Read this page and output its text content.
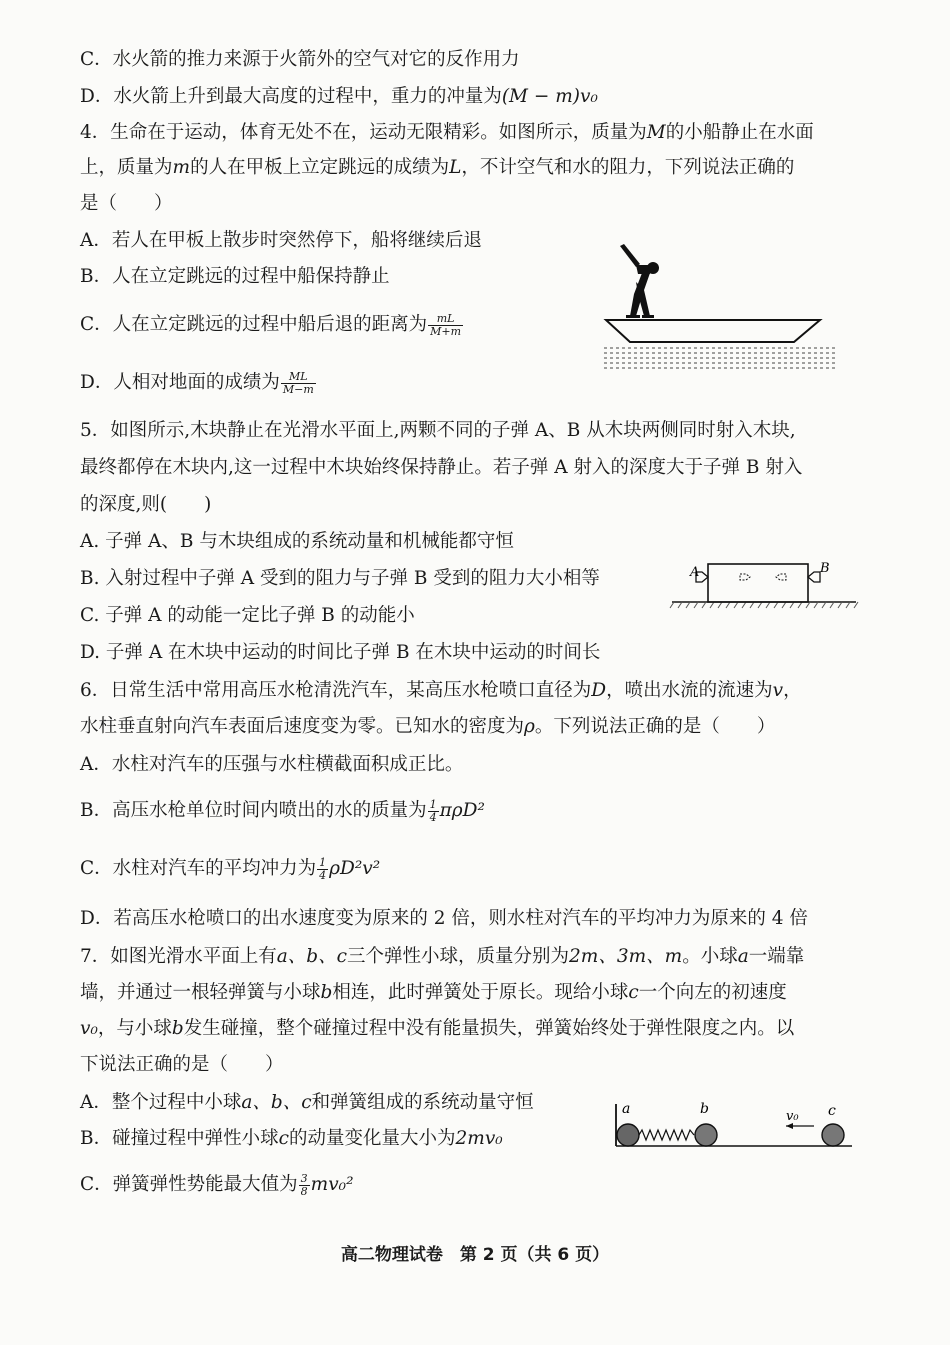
C．水火箭的推力来源于火箭外的空气对它的反作用力
D．水火箭上升到最大高度的过程中，重力的冲量为(M − m)v₀
4．生命在于运动，体育无处不在，运动无限精彩。如图所示，质量为M的小船静止在水面
上，质量为m的人在甲板上立定跳远的成绩为L，不计空气和水的阻力，下列说法正确的
是（　　）
A．若人在甲板上散步时突然停下，船将继续后退
B．人在立定跳远的过程中船保持静止
C．人在立定跳远的过程中船后退的距离为 $\frac{mL}{M+m}$
D．人相对地面的成绩为 $\frac{ML}{M-m}$
5．如图所示,木块静止在光滑水平面上,两颗不同的子弹 A、B 从木块两侧同时射入木块,
最终都停在木块内,这一过程中木块始终保持静止。若子弹 A 射入的深度大于子弹 B 射入
的深度,则(　　)
A. 子弹 A、B 与木块组成的系统动量和机械能都守恒
B. 入射过程中子弹 A 受到的阻力与子弹 B 受到的阻力大小相等
C. 子弹 A 的动能一定比子弹 B 的动能小
D. 子弹 A 在木块中运动的时间比子弹 B 在木块中运动的时间长
A	B
6．日常生活中常用高压水枪清洗汽车，某高压水枪喷口直径为D，喷出水流的流速为v，
水柱垂直射向汽车表面后速度变为零。已知水的密度为ρ。下列说法正确的是（　　）
A．水柱对汽车的压强与水柱横截面积成正比。
B．高压水枪单位时间内喷出的水的质量为 $\frac{1}{4} \pi\rho D^2$
C．水柱对汽车的平均冲力为 $\frac{1}{4} \rho D^2v^2$
D．若高压水枪喷口的出水速度变为原来的 2 倍，则水柱对汽车的平均冲力为原来的 4 倍
7．如图光滑水平面上有a、b、c三个弹性小球，质量分别为2m、3m、m。小球a一端靠
墙，并通过一根轻弹簧与小球b相连，此时弹簧处于原长。现给小球c一个向左的初速度
v₀，与小球b发生碰撞，整个碰撞过程中没有能量损失，弹簧始终处于弹性限度之内。以
下说法正确的是（　　）
A．整个过程中小球a、b、c和弹簧组成的系统动量守恒
B．碰撞过程中弹性小球c的动量变化量大小为2mv₀
C．弹簧弹性势能最大值为 $\frac{3}{8} mv_0^2$
a	b	c
v₀
高二物理试卷　第 2 页（共 6 页）
